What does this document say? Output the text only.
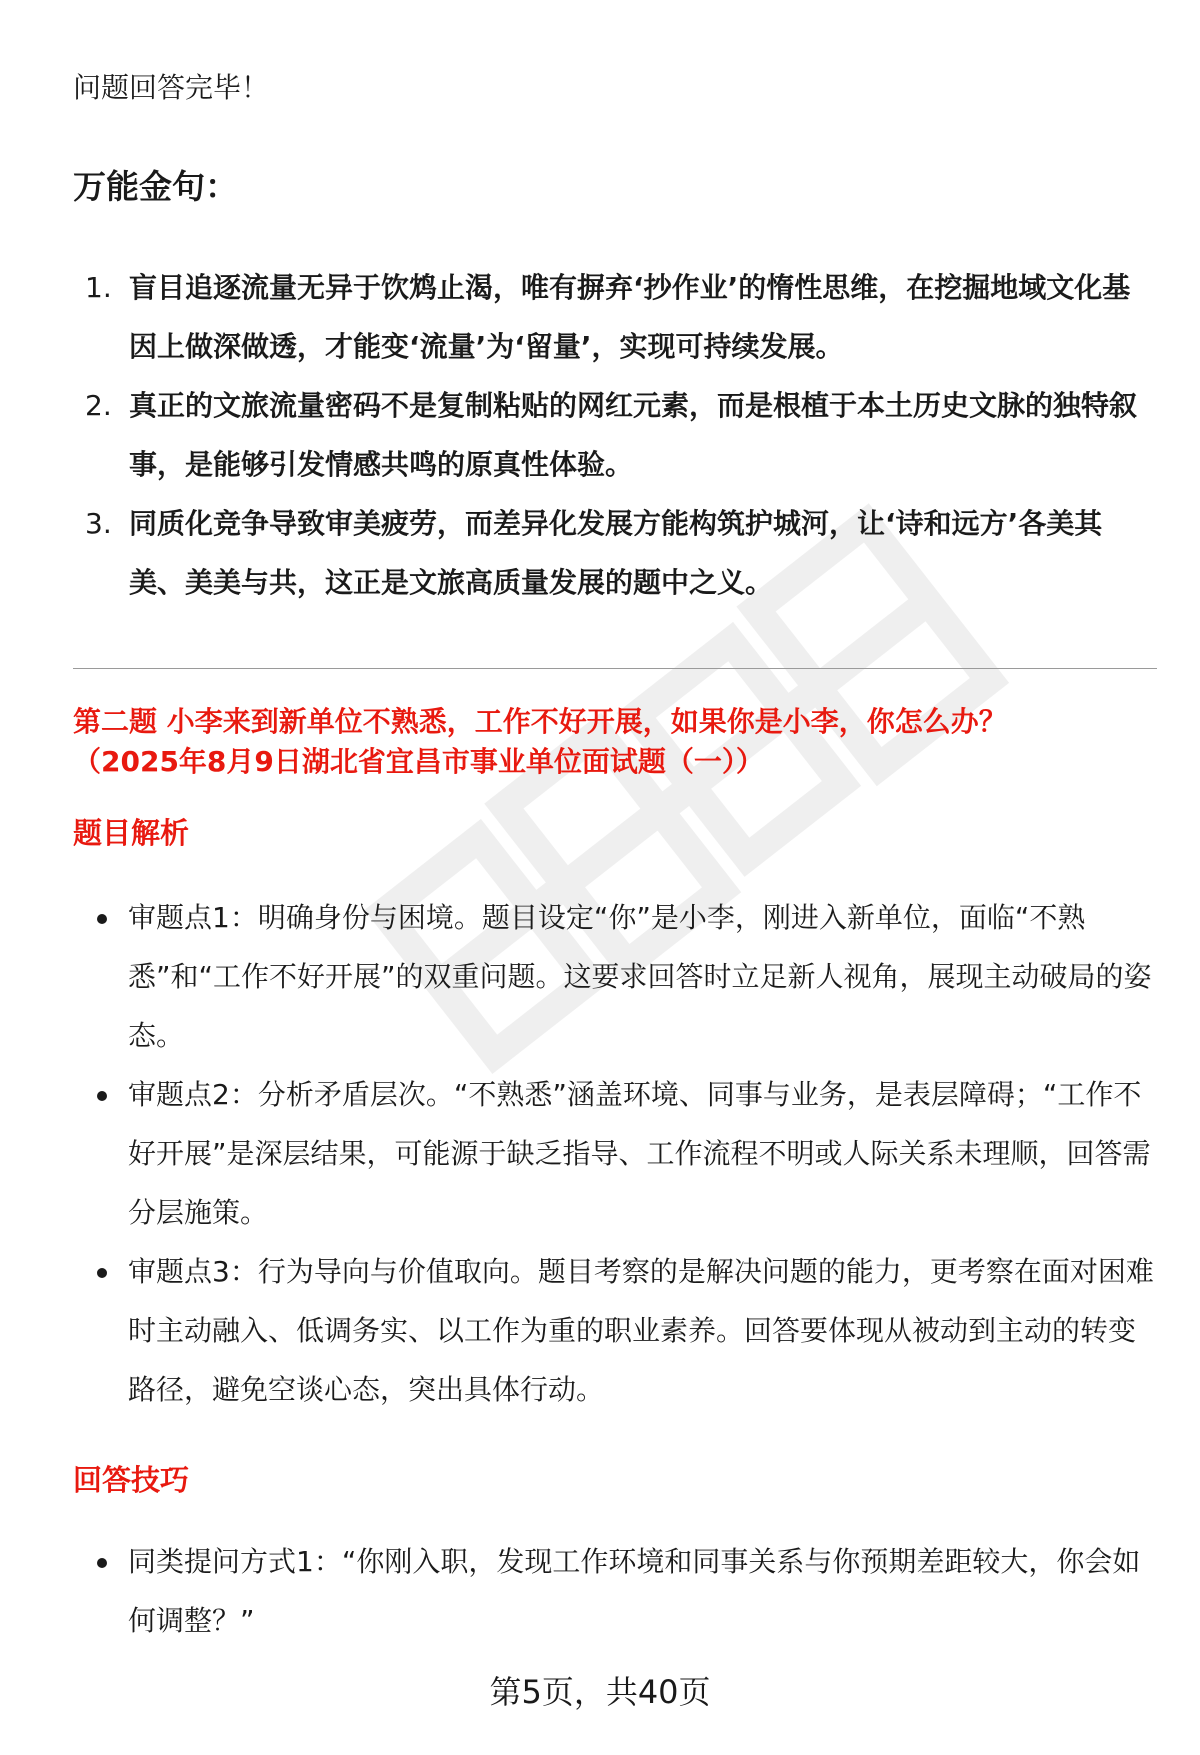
问题回答完毕！
万能金句：
1. 盲目追逐流量无异于饮鸩止渴，唯有摒弃‘抄作业’的惰性思维，在挖掘地域文化基因上做深做透，才能变‘流量’为‘留量’，实现可持续发展。
2. 真正的文旅流量密码不是复制粘贴的网红元素，而是根植于本土历史文脉的独特叙事，是能够引发情感共鸣的原真性体验。
3. 同质化竞争导致审美疲劳，而差异化发展方能构筑护城河，让‘诗和远方’各美其美、美美与共，这正是文旅高质量发展的题中之义。
第二题 小李来到新单位不熟悉，工作不好开展，如果你是小李，你怎么办？
（2025年8月9日湖北省宜昌市事业单位面试题（一））
题目解析
审题点1：明确身份与困境。题目设定“你”是小李，刚进入新单位，面临“不熟悉”和“工作不好开展”的双重问题。这要求回答时立足新人视角，展现主动破局的姿态。
审题点2：分析矛盾层次。“不熟悉”涵盖环境、同事与业务，是表层障碍；“工作不好开展”是深层结果，可能源于缺乏指导、工作流程不明或人际关系未理顺，回答需分层施策。
审题点3：行为导向与价值取向。题目考察的是解决问题的能力，更考察在面对困难时主动融入、低调务实、以工作为重的职业素养。回答要体现从被动到主动的转变路径，避免空谈心态，突出具体行动。
回答技巧
同类提问方式1：“你刚入职，发现工作环境和同事关系与你预期差距较大，你会如何调整？”
第5页，共40页
